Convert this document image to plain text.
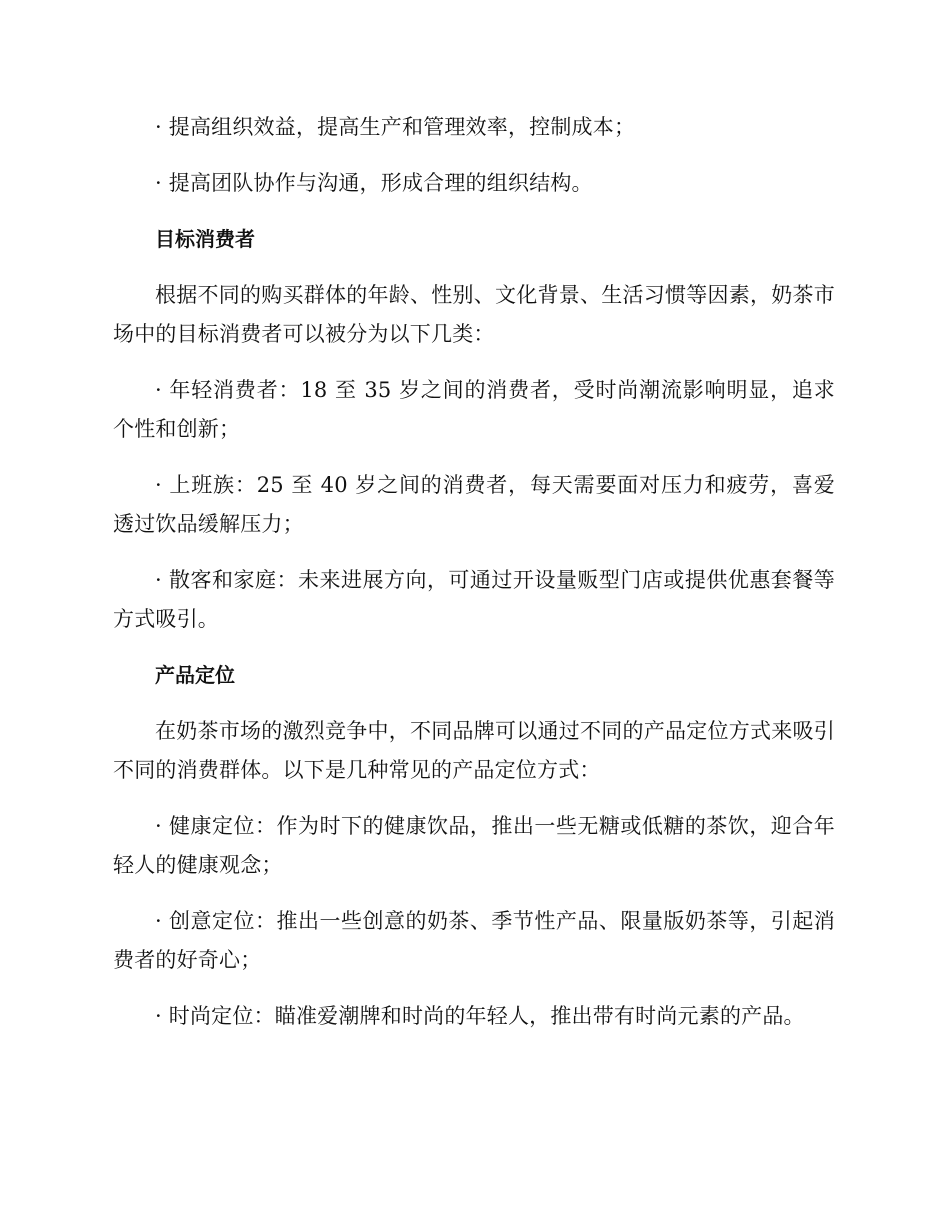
· 提高组织效益，提高生产和管理效率，控制成本；

· 提高团队协作与沟通，形成合理的组织结构。

目标消费者

根据不同的购买群体的年龄、性别、文化背景、生活习惯等因素，奶茶市场中的目标消费者可以被分为以下几类：

· 年轻消费者：18 至 35 岁之间的消费者，受时尚潮流影响明显，追求个性和创新；

· 上班族：25 至 40 岁之间的消费者，每天需要面对压力和疲劳，喜爱透过饮品缓解压力；

· 散客和家庭：未来进展方向，可通过开设量贩型门店或提供优惠套餐等方式吸引。

产品定位

在奶茶市场的激烈竞争中，不同品牌可以通过不同的产品定位方式来吸引不同的消费群体。以下是几种常见的产品定位方式：

· 健康定位：作为时下的健康饮品，推出一些无糖或低糖的茶饮，迎合年轻人的健康观念；

· 创意定位：推出一些创意的奶茶、季节性产品、限量版奶茶等，引起消费者的好奇心；

· 时尚定位：瞄准爱潮牌和时尚的年轻人，推出带有时尚元素的产品。
